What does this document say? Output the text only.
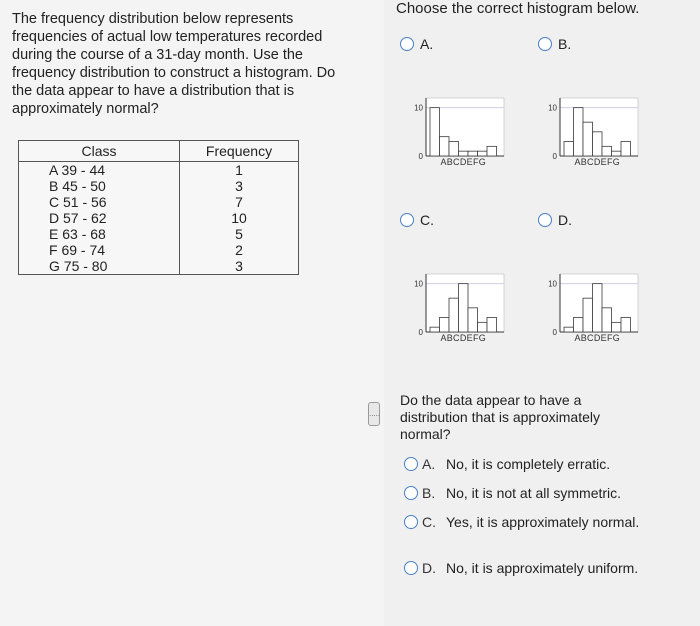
The frequency distribution below represents frequencies of actual low temperatures recorded during the course of a 31-day month. Use the frequency distribution to construct a histogram. Do the data appear to have a distribution that is approximately normal?
Class	Frequency
A 39 - 44	1
B 45 - 50	3
C 51 - 56	7
D 57 - 62	10
E 63 - 68	5
F 69 - 74	2
G 75 - 80	3
Choose the correct histogram below.
A.	B.
C.	D.
10
0
ABCDEFG
10
0
ABCDEFG
10
0
ABCDEFG
10
0
ABCDEFG
.....
Do the data appear to have a distribution that is approximately normal?
A. No, it is completely erratic.
B. No, it is not at all symmetric.
C. Yes, it is approximately normal.
D. No, it is approximately uniform.
